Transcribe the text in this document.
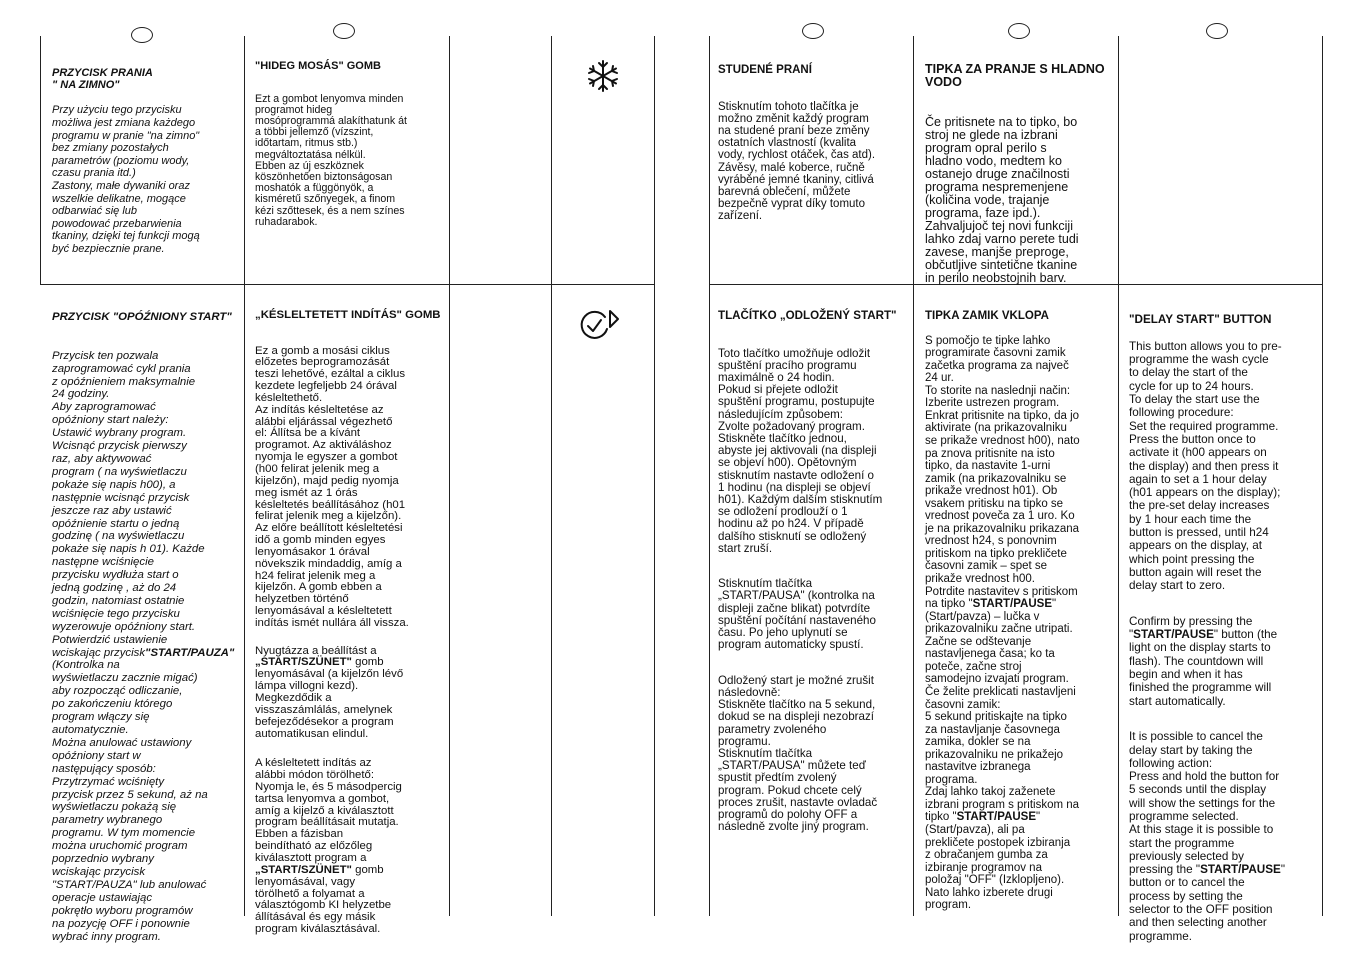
PRZYCISK PRANIA
" NA ZIMNO"

Przy użyciu tego przycisku
możliwa jest zmiana każdego
programu w pranie "na zimno"
bez zmiany pozostałych
parametrów (poziomu wody,
czasu prania itd.)
Zastony, małe dywaniki oraz
wszelkie delikatne, mogące
odbarwiać się lub
powodować przebarwienia
tkaniny, dzięki tej funkcji mogą
być bezpiecznie prane.

"HIDEG MOSÁS" GOMB

Ezt a gombot lenyomva minden
programot hideg
mosóprogrammá alakíthatunk át
a többi jellemző (vízszint,
időtartam, ritmus stb.)
megváltoztatása nélkül.
Ebben az új eszköznek
köszönhetően biztonságosan
moshatók a függönyök, a
kisméretű szőnyegek, a finom
kézi szőttesek, és a nem színes
ruhadarabok.

PRZYCISK "OPÓŹNIONY START"

Przycisk ten pozwala
zaprogramować cykl prania
z opóźnieniem maksymalnie
24 godziny.
Aby zaprogramować
opóźniony start należy:
Ustawić wybrany program.
Wcisnąć przycisk pierwszy
raz, aby aktywować
program ( na wyświetlaczu
pokaże się napis h00), a
następnie wcisnąć przycisk
jeszcze raz aby ustawić
opóźnienie startu o jedną
godzinę ( na wyświetlaczu
pokaże się napis h 01). Każde
następne wciśnięcie
przycisku wydłuża start o
jedną godzinę , aż do 24
godzin, natomiast ostatnie
wciśnięcie tego przycisku
wyzerowuje opóźniony start.
Potwierdzić ustawienie
wciskając przycisk"START/PAUZA" (Kontrolka na
wyświetlaczu zacznie migać)
aby rozpocząć odliczanie,
po zakończeniu którego
program włączy się
automatycznie.
Można anulować ustawiony
opóźniony start w
następujący sposób:
Przytrzymać wciśnięty
przycisk przez 5 sekund, aż na
wyświetlaczu pokażą się
parametry wybranego
programu. W tym momencie
można uruchomić program
poprzednio wybrany
wciskając przycisk
"START/PAUZA" lub anulować
operacje ustawiając
pokrętło wyboru programów
na pozycję OFF i ponownie
wybrać inny program.

„KÉSLELTETETT INDÍTÁS" GOMB

Ez a gomb a mosási ciklus
előzetes beprogramozását
teszi lehetővé, ezáltal a ciklus
kezdete legfeljebb 24 órával
késleltethető.
Az indítás késleltetése az
alábbi eljárással végezhető
el: Állítsa be a kívánt
programot. Az aktiváláshoz
nyomja le egyszer a gombot
(h00 felirat jelenik meg a
kijelzőn), majd pedig nyomja
meg ismét az 1 órás
késleltetés beállításához (h01
felirat jelenik meg a kijelzőn).
Az előre beállított késleltetési
idő a gomb minden egyes
lenyomásakor 1 órával
növekszik mindaddig, amíg a
h24 felirat jelenik meg a
kijelzőn. A gomb ebben a
helyzetben történő
lenyomásával a késleltetett
indítás ismét nullára áll vissza.

Nyugtázza a beállítást a
„START/SZÜNET" gomb
lenyomásával (a kijelzőn lévő
lámpa villogni kezd).
Megkezdődik a
visszaszámlálás, amelynek
befejeződésekor a program
automatikusan elindul.

A késleltetett indítás az
alábbi módon törölhető:
Nyomja le, és 5 másodpercig
tartsa lenyomva a gombot,
amíg a kijelző a kiválasztott
program beállításait mutatja.
Ebben a fázisban
beindítható az előzőleg
kiválasztott program a
„START/SZÜNET" gomb
lenyomásával, vagy
törölhető a folyamat a
választógomb KI helyzetbe
állításával és egy másik
program kiválasztásával.

STUDENÉ PRANÍ

Stisknutím tohoto tlačítka je
možno změnit každý program
na studené praní beze změny
ostatních vlastností (kvalita
vody, rychlost otáček, čas atd).
Závěsy, malé koberce, ručně
vyráběné jemné tkaniny, citlivá
barevná oblečení, můžete
bezpečně vyprat díky tomuto
zařízení.

TIPKA ZA PRANJE S HLADNO
VODO

Če pritisnete na to tipko, bo
stroj ne glede na izbrani
program opral perilo s
hladno vodo, medtem ko
ostanejo druge značilnosti
programa nespremenjene
(količina vode, trajanje
programa, faze ipd.).
Zahvaljujoč tej novi funkciji
lahko zdaj varno perete tudi
zavese, manjše preproge,
občutljive sintetične tkanine
in perilo neobstojnih barv.

TLAČÍTKO „ODLOŽENÝ START"

Toto tlačítko umožňuje odložit
spuštění pracího programu
maximálně o 24 hodin.
Pokud si přejete odložit
spuštění programu, postupujte
následujícím způsobem:
Zvolte požadovaný program.
Stiskněte tlačítko jednou,
abyste jej aktivovali (na displeji
se objeví h00). Opětovným
stisknutím nastavte odložení o
1 hodinu (na displeji se objeví
h01). Každým dalším stisknutím
se odložení prodlouží o 1
hodinu až po h24. V případě
dalšího stisknutí se odložený
start zruší.

Stisknutím tlačítka
„START/PAUSA" (kontrolka na
displeji začne blikat) potvrdíte
spuštění počítání nastaveného
času. Po jeho uplynutí se
program automaticky spustí.

Odložený start je možné zrušit
následovně:
Stiskněte tlačítko na 5 sekund,
dokud se na displeji nezobrazí
parametry zvoleného
programu.
Stisknutím tlačítka
„START/PAUSA" můžete teď
spustit předtím zvolený
program. Pokud chcete celý
proces zrušit, nastavte ovladač
programů do polohy OFF a
následně zvolte jiný program.

TIPKA ZAMIK VKLOPA

S pomočjo te tipke lahko
programirate časovni zamik
začetka programa za največ
24 ur.
To storite na naslednji način:
Izberite ustrezen program.
Enkrat pritisnite na tipko, da jo
aktivirate (na prikazovalniku
se prikaže vrednost h00), nato
pa znova pritisnite na isto
tipko, da nastavite 1-urni
zamik (na prikazovalniku se
prikaže vrednost h01). Ob
vsakem pritisku na tipko se
vrednost poveča za 1 uro. Ko
je na prikazovalniku prikazana
vrednost h24, s ponovnim
pritiskom na tipko prekličete
časovni zamik – spet se
prikaže vrednost h00.
Potrdite nastavitev s pritiskom
na tipko "START/PAUSE"
(Start/pavza) – lučka v
prikazovalniku začne utripati.
Začne se odštevanje
nastavljenega časa; ko ta
poteče, začne stroj
samodejno izvajati program.
Če želite preklicati nastavljeni
časovni zamik:
5 sekund pritiskajte na tipko
za nastavljanje časovnega
zamika, dokler se na
prikazovalniku ne prikažejo
nastavitve izbranega
programa.
Zdaj lahko takoj zaženete
izbrani program s pritiskom na
tipko "START/PAUSE"
(Start/pavza), ali pa
prekličete postopek izbiranja
z obračanjem gumba za
izbiranje programov na
položaj "OFF" (Izklopljeno).
Nato lahko izberete drugi
program.

"DELAY START" BUTTON

This button allows you to pre-
programme the wash cycle
to delay the start of the
cycle for up to 24 hours.
To delay the start use the
following procedure:
Set the required programme.
Press the button once to
activate it (h00 appears on
the display) and then press it
again to set a 1 hour delay
(h01 appears on the display);
the pre-set delay increases
by 1 hour each time the
button is pressed, until h24
appears on the display, at
which point pressing the
button again will reset the
delay start to zero.

Confirm by pressing the
"START/PAUSE" button (the
light on the display starts to
flash). The countdown will
begin and when it has
finished the programme will
start automatically.

It is possible to cancel the
delay start by taking the
following action:
Press and hold the button for
5 seconds until the display
will show the settings for the
programme selected.
At this stage it is possible to
start the programme
previously selected by
pressing the "START/PAUSE"
button or to cancel the
process by setting the
selector to the OFF position
and then selecting another
programme.
